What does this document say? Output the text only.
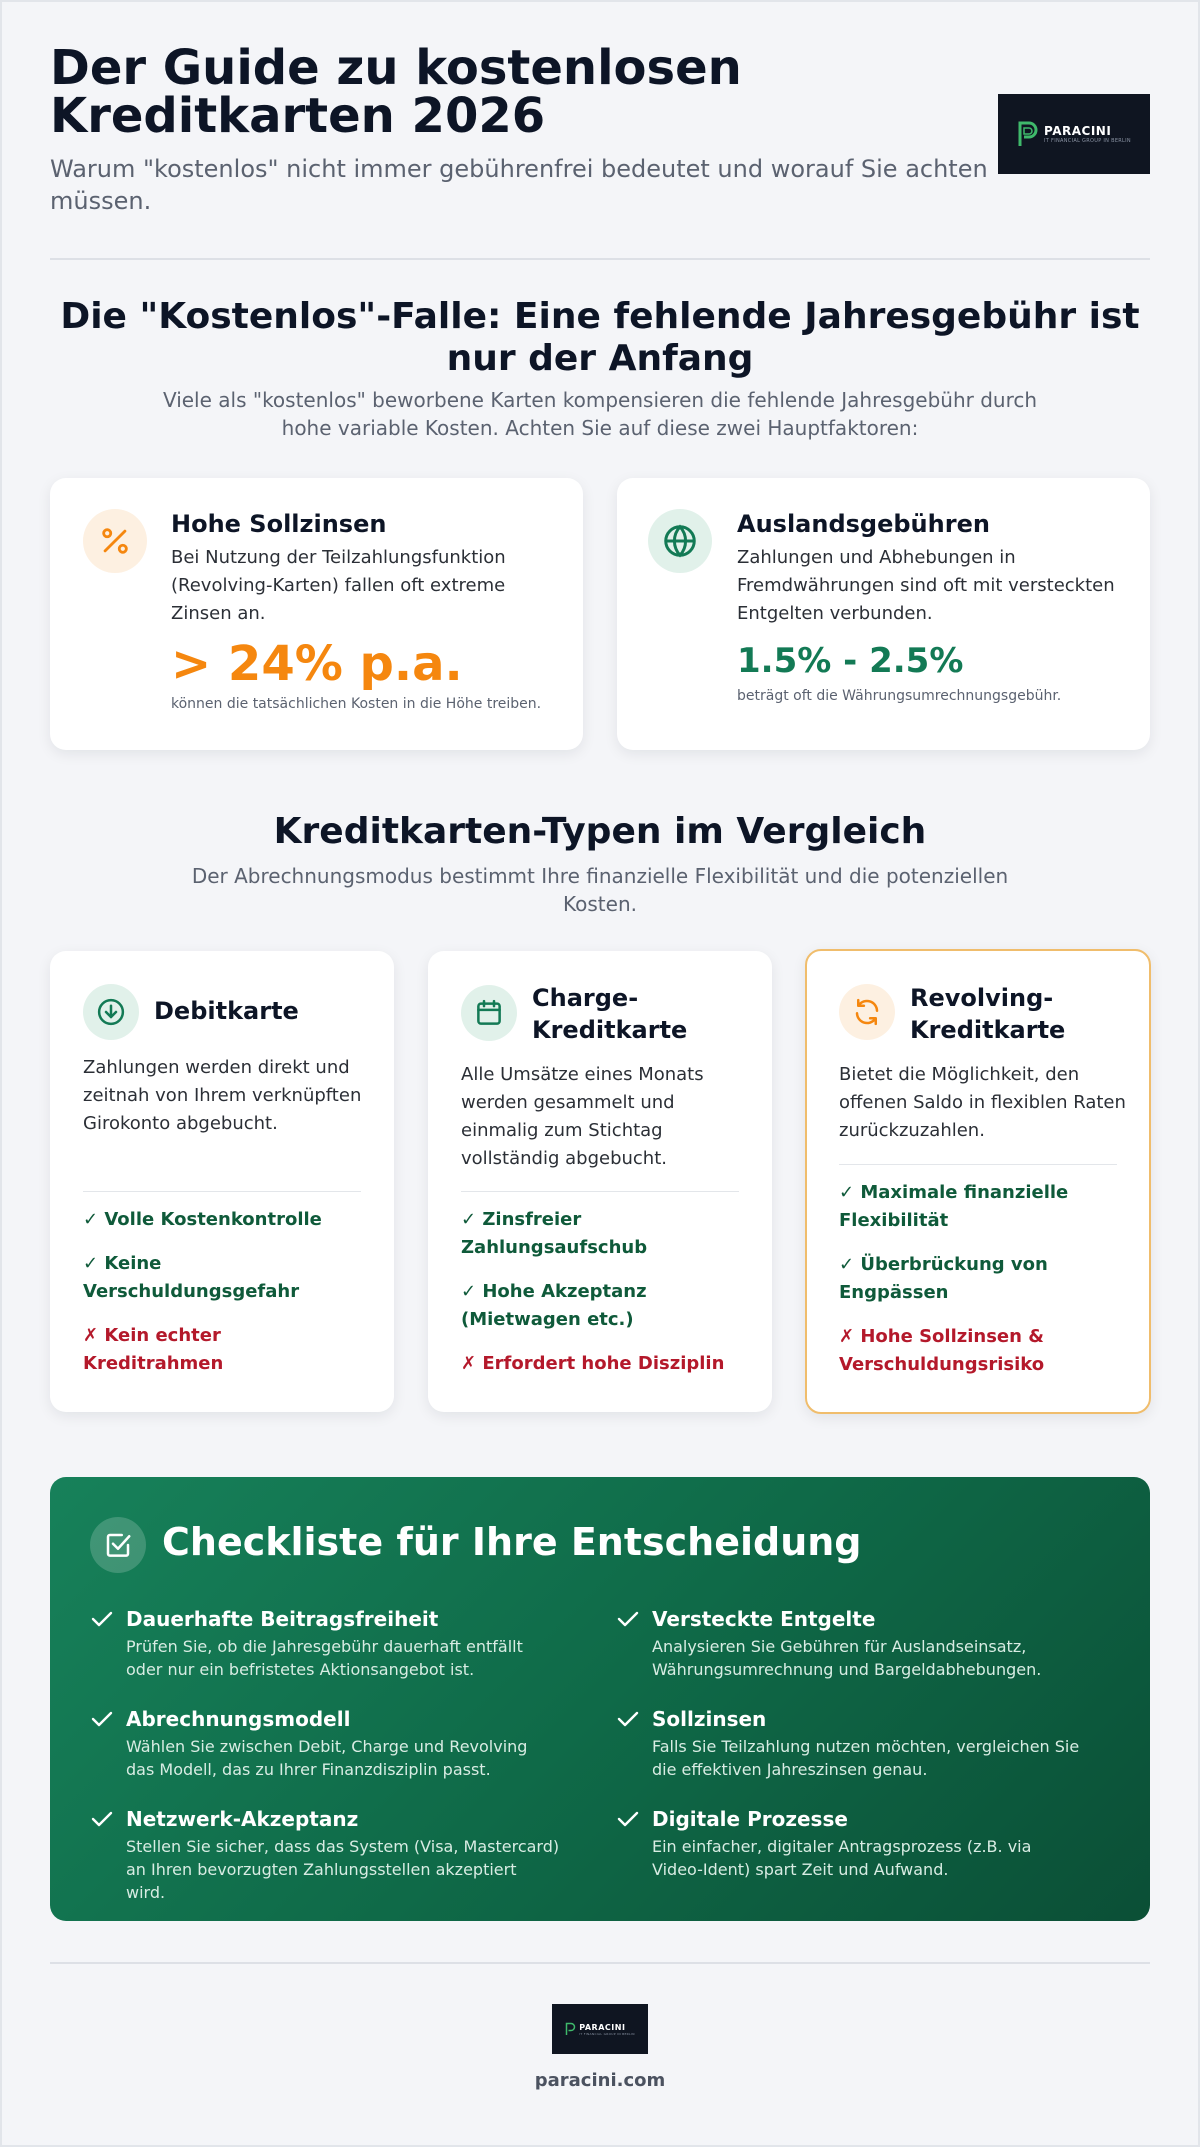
Der Guide zu kostenlosen Kreditkarten 2026

Warum "kostenlos" nicht immer gebührenfrei bedeutet und worauf Sie achten müssen.

PARACINI
IT FINANCIAL GROUP IN BERLIN
Die "Kostenlos"-Falle: Eine fehlende Jahresgebühr ist nur der Anfang

Viele als "kostenlos" beworbene Karten kompensieren die fehlende Jahresgebühr durch hohe variable Kosten. Achten Sie auf diese zwei Hauptfaktoren:

Hohe Sollzinsen
Bei Nutzung der Teilzahlungsfunktion (Revolving-Karten) fallen oft extreme Zinsen an.
> 24% p.a.
können die tatsächlichen Kosten in die Höhe treiben.
Auslandsgebühren
Zahlungen und Abhebungen in Fremdwährungen sind oft mit versteckten Entgelten verbunden.
1.5% - 2.5%
beträgt oft die Währungsumrechnungsgebühr.
Kreditkarten-Typen im Vergleich

Der Abrechnungsmodus bestimmt Ihre finanzielle Flexibilität und die potenziellen Kosten.

Debitkarte
Zahlungen werden direkt und zeitnah von Ihrem verknüpften Girokonto abgebucht.
✓ Volle Kostenkontrolle
✓ Keine Verschuldungsgefahr
✗ Kein echter Kreditrahmen
Charge-Kreditkarte
Alle Umsätze eines Monats werden gesammelt und einmalig zum Stichtag vollständig abgebucht.
✓ Zinsfreier Zahlungsaufschub
✓ Hohe Akzeptanz (Mietwagen etc.)
✗ Erfordert hohe Disziplin
Revolving-Kreditkarte
Bietet die Möglichkeit, den offenen Saldo in flexiblen Raten zurückzuzahlen.
✓ Maximale finanzielle Flexibilität
✓ Überbrückung von Engpässen
✗ Hohe Sollzinsen & Verschuldungsrisiko
Checkliste für Ihre Entscheidung
Dauerhafte Beitragsfreiheit
Prüfen Sie, ob die Jahresgebühr dauerhaft entfällt oder nur ein befristetes Aktionsangebot ist.
Versteckte Entgelte
Analysieren Sie Gebühren für Auslandseinsatz, Währungsumrechnung und Bargeldabhebungen.
Abrechnungsmodell
Wählen Sie zwischen Debit, Charge und Revolving das Modell, das zu Ihrer Finanzdisziplin passt.
Sollzinsen
Falls Sie Teilzahlung nutzen möchten, vergleichen Sie die effektiven Jahreszinsen genau.
Netzwerk-Akzeptanz
Stellen Sie sicher, dass das System (Visa, Mastercard) an Ihren bevorzugten Zahlungsstellen akzeptiert wird.
Digitale Prozesse
Ein einfacher, digitaler Antragsprozess (z.B. via Video-Ident) spart Zeit und Aufwand.
PARACINI
IT FINANCIAL GROUP IN BERLIN
paracini.com
